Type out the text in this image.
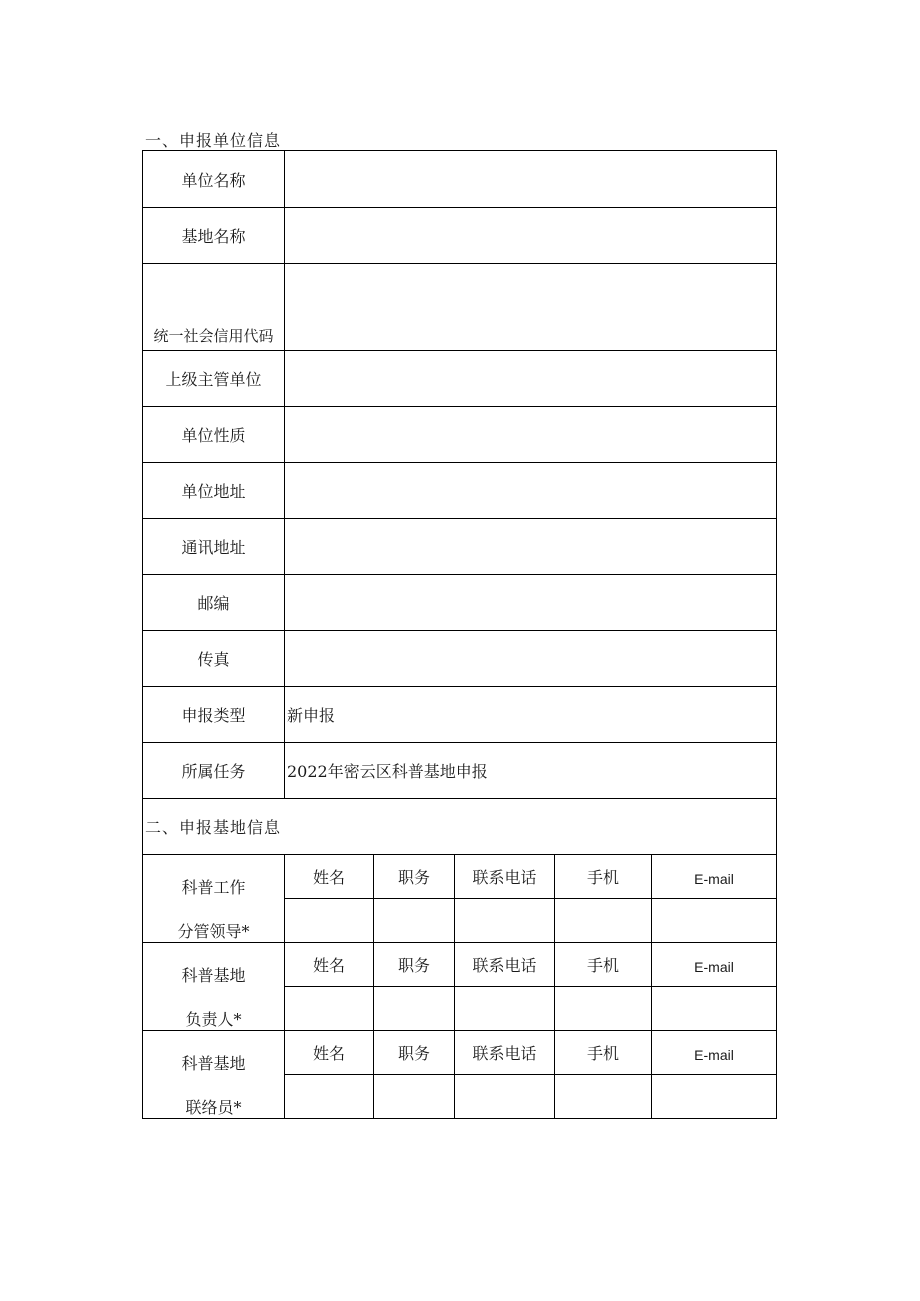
一、申报单位信息
单位名称					
基地名称					
统一社会信用代码					
上级主管单位					
单位性质					
单位地址					
通讯地址					
邮编					
传真					
申报类型	新申报				
所属任务	2022年密云区科普基地申报				
二、申报基地信息					

科普工作
分管领导*	姓名	职务	联系电话	手机	E-mail

科普基地
负责人*	姓名	职务	联系电话	手机	E-mail

科普基地
联络员*	姓名	职务	联系电话	手机	E-mail
